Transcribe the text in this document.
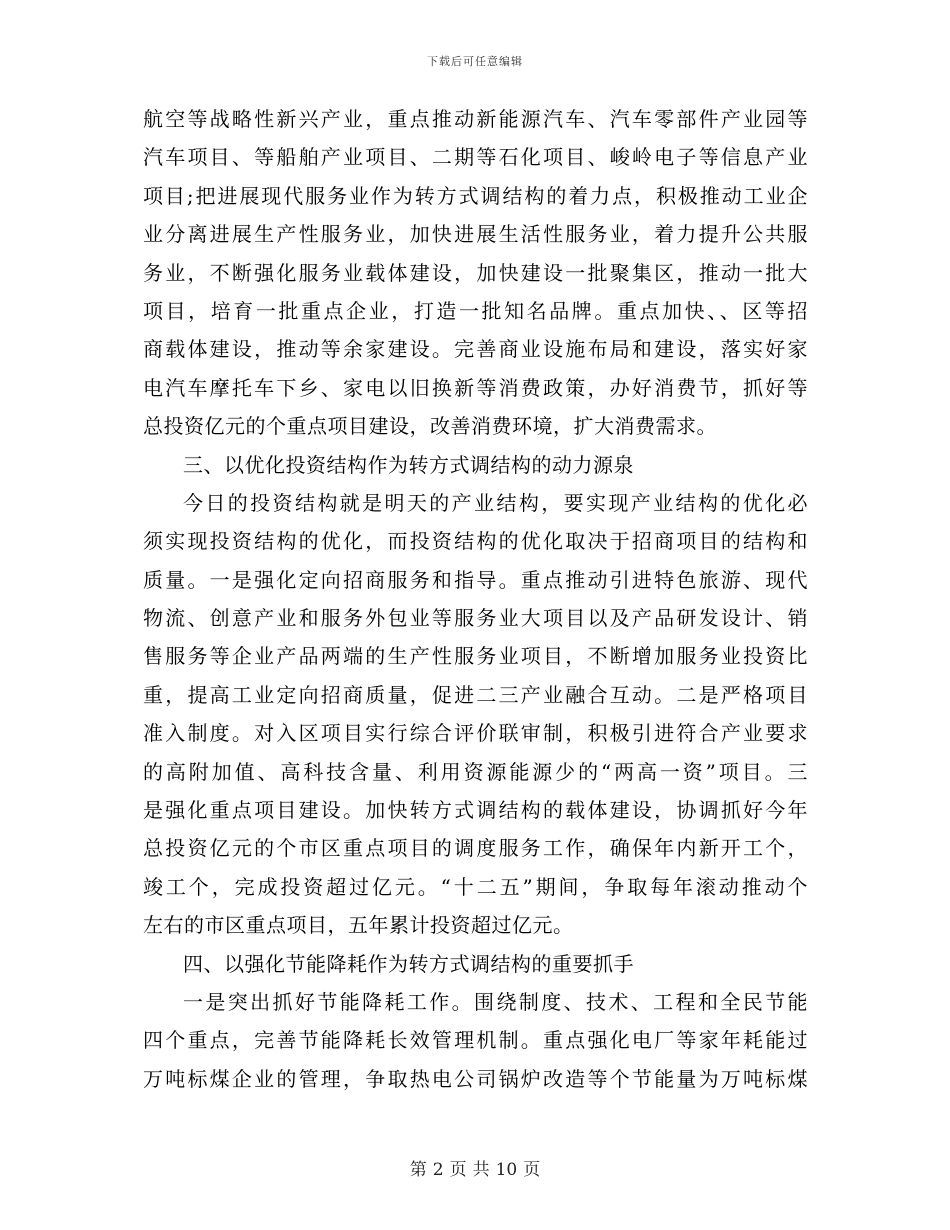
下载后可任意编辑
航空等战略性新兴产业，重点推动新能源汽车、汽车零部件产业园等
汽车项目、等船舶产业项目、二期等石化项目、峻岭电子等信息产业
项目;把进展现代服务业作为转方式调结构的着力点，积极推动工业企
业分离进展生产性服务业，加快进展生活性服务业，着力提升公共服
务业，不断强化服务业载体建设，加快建设一批聚集区，推动一批大
项目，培育一批重点企业，打造一批知名品牌。重点加快、、区等招
商载体建设，推动等余家建设。完善商业设施布局和建设，落实好家
电汽车摩托车下乡、家电以旧换新等消费政策，办好消费节，抓好等
总投资亿元的个重点项目建设，改善消费环境，扩大消费需求。
三、以优化投资结构作为转方式调结构的动力源泉
今日的投资结构就是明天的产业结构，要实现产业结构的优化必
须实现投资结构的优化，而投资结构的优化取决于招商项目的结构和
质量。一是强化定向招商服务和指导。重点推动引进特色旅游、现代
物流、创意产业和服务外包业等服务业大项目以及产品研发设计、销
售服务等企业产品两端的生产性服务业项目，不断增加服务业投资比
重，提高工业定向招商质量，促进二三产业融合互动。二是严格项目
准入制度。对入区项目实行综合评价联审制，积极引进符合产业要求
的高附加值、高科技含量、利用资源能源少的“两高一资”项目。三
是强化重点项目建设。加快转方式调结构的载体建设，协调抓好今年
总投资亿元的个市区重点项目的调度服务工作，确保年内新开工个，
竣工个，完成投资超过亿元。“十二五”期间，争取每年滚动推动个
左右的市区重点项目，五年累计投资超过亿元。
四、以强化节能降耗作为转方式调结构的重要抓手
一是突出抓好节能降耗工作。围绕制度、技术、工程和全民节能
四个重点，完善节能降耗长效管理机制。重点强化电厂等家年耗能过
万吨标煤企业的管理，争取热电公司锅炉改造等个节能量为万吨标煤
第 2 页 共 10 页
